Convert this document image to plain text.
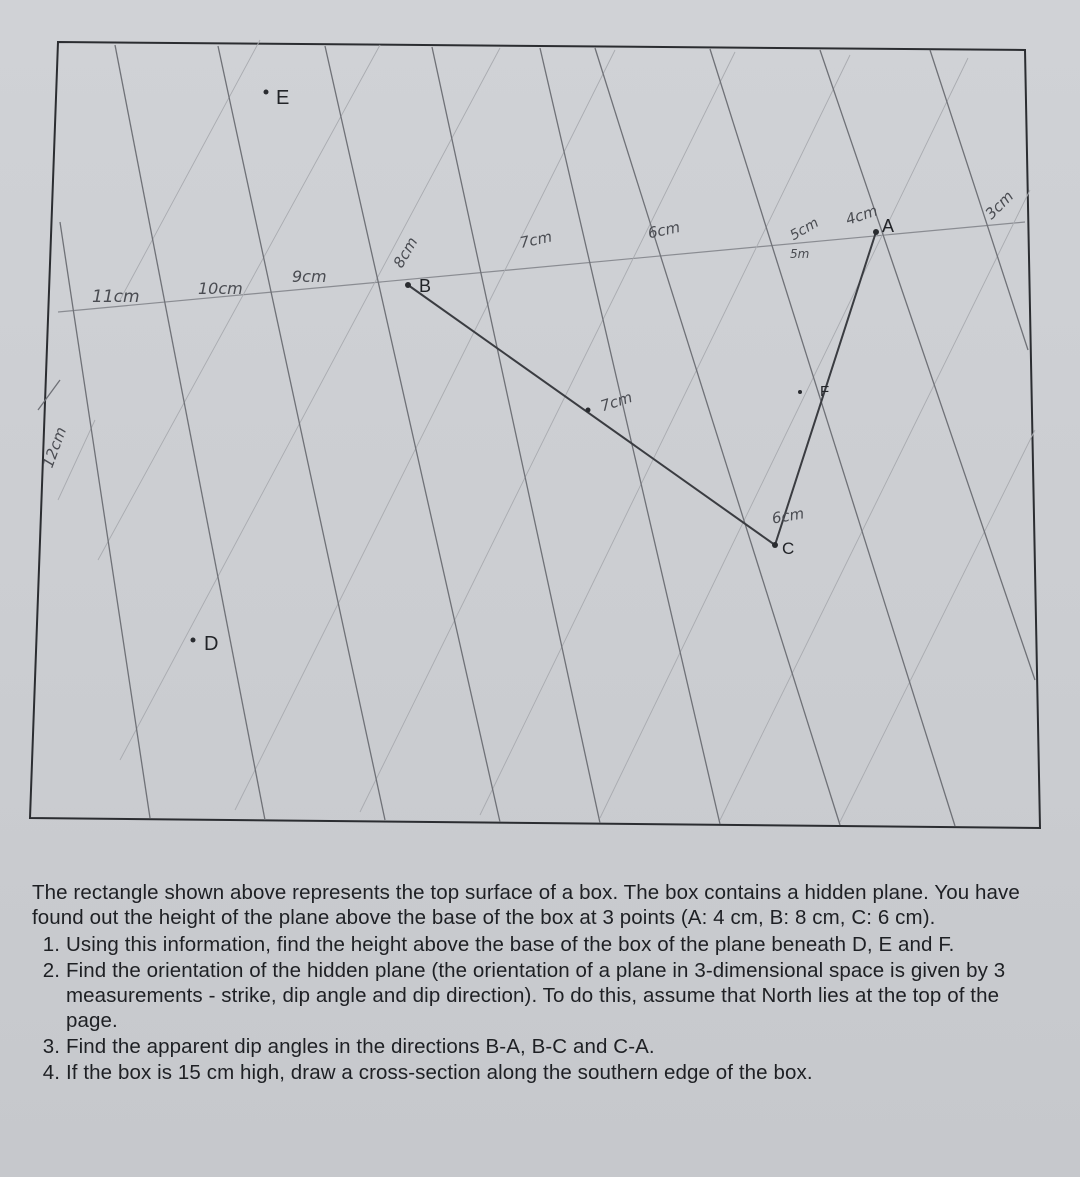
E
D
B
A
C
F
11cm	10cm
9cm
8cm	7cm	6cm	5cm 4cm	3cm
12cm
7cm
6cm
5m

The rectangle shown above represents the top surface of a box. The box contains a hidden plane. You have found out the height of the plane above the base of the box at 3 points (A: 4 cm, B: 8 cm, C: 6 cm).

1. Using this information, find the height above the base of the box of the plane beneath D, E and F.
2. Find the orientation of the hidden plane (the orientation of a plane in 3-dimensional space is given by 3 measurements - strike, dip angle and dip direction). To do this, assume that North lies at the top of the page.
3. Find the apparent dip angles in the directions B-A, B-C and C-A.
4. If the box is 15 cm high, draw a cross-section along the southern edge of the box.
